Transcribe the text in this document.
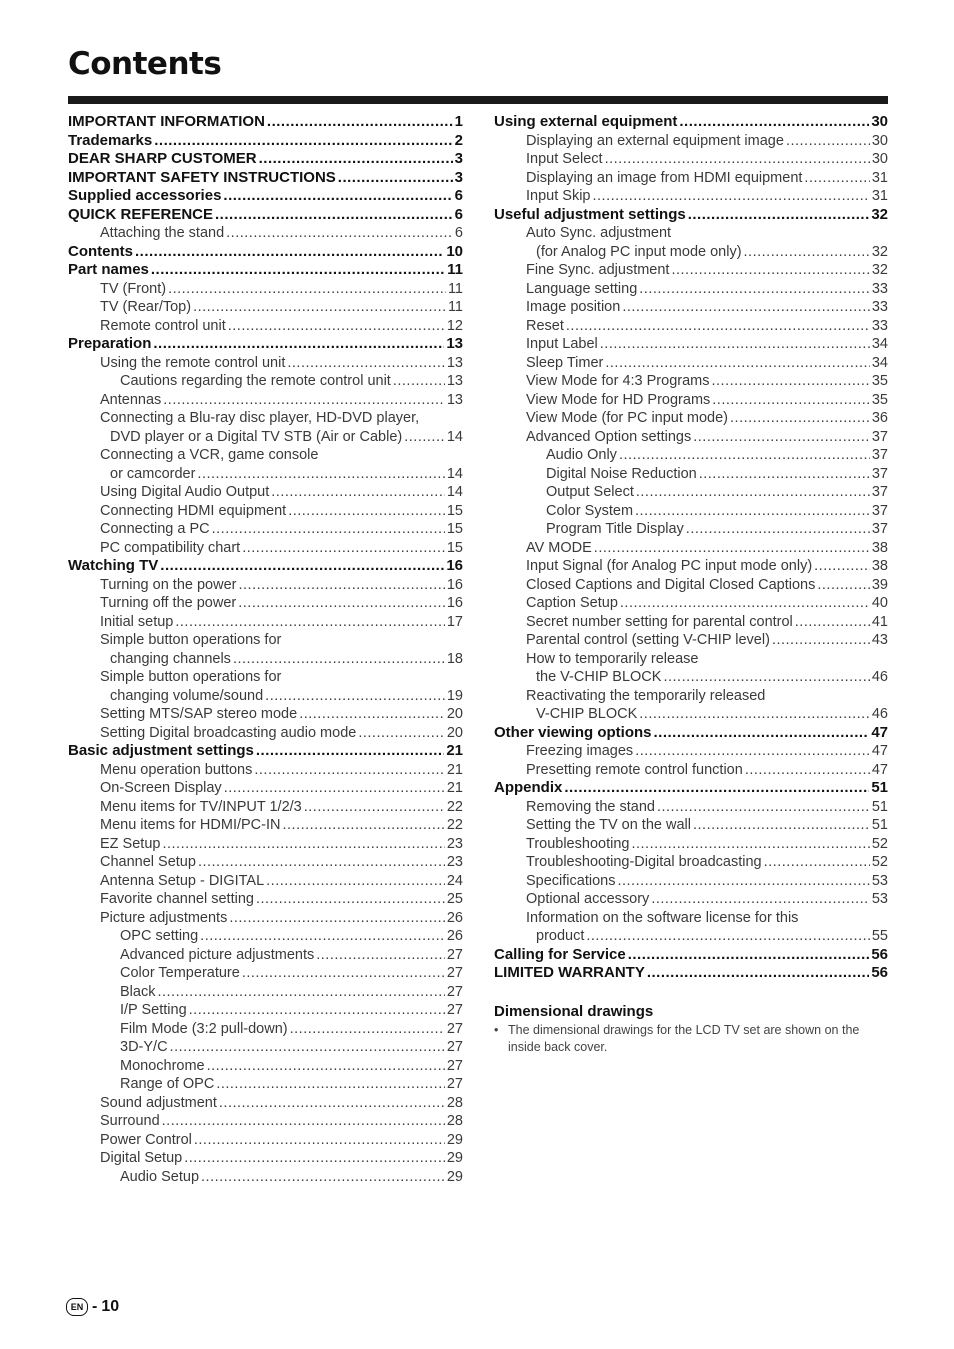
Contents
IMPORTANT INFORMATION .....	1
Trademarks .....	2
DEAR SHARP CUSTOMER .....	3
IMPORTANT SAFETY INSTRUCTIONS .....	3
Supplied accessories .....	6
QUICK REFERENCE .....	6
Attaching the stand .....	6
Contents .....	10
Part names .....	11
TV (Front) .....	11
TV (Rear/Top) .....	11
Remote control unit .....	12
Preparation .....	13
Using the remote control unit .....	13
Cautions regarding the remote control unit .....	13
Antennas .....	13
Connecting a Blu-ray disc player, HD-DVD player,
DVD player or a Digital TV STB (Air or Cable) .....	14
Connecting a VCR, game console
or camcorder .....	14
Using Digital Audio Output .....	14
Connecting HDMI equipment .....	15
Connecting a PC .....	15
PC compatibility chart .....	15
Watching TV .....	16
Turning on the power .....	16
Turning off the power .....	16
Initial setup .....	17
Simple button operations for
changing channels .....	18
Simple button operations for
changing volume/sound .....	19
Setting MTS/SAP stereo mode .....	20
Setting Digital broadcasting audio mode .....	20
Basic adjustment settings .....	21
Menu operation buttons .....	21
On-Screen Display .....	21
Menu items for TV/INPUT 1/2/3 .....	22
Menu items for HDMI/PC-IN .....	22
EZ Setup .....	23
Channel Setup .....	23
Antenna Setup - DIGITAL .....	24
Favorite channel setting .....	25
Picture adjustments .....	26
OPC setting .....	26
Advanced picture adjustments .....	27
Color Temperature .....	27
Black .....	27
I/P Setting .....	27
Film Mode (3:2 pull-down) .....	27
3D-Y/C .....	27
Monochrome .....	27
Range of OPC .....	27
Sound adjustment .....	28
Surround .....	28
Power Control .....	29
Digital Setup .....	29
Audio Setup .....	29
Using external equipment .....	30
Displaying an external equipment image .....	30
Input Select .....	30
Displaying an image from HDMI equipment .....	31
Input Skip .....	31
Useful adjustment settings .....	32
Auto Sync. adjustment
(for Analog PC input mode only) .....	32
Fine Sync. adjustment .....	32
Language setting .....	33
Image position .....	33
Reset .....	33
Input Label .....	34
Sleep Timer .....	34
View Mode for 4:3 Programs .....	35
View Mode for HD Programs .....	35
View Mode (for PC input mode) .....	36
Advanced Option settings .....	37
Audio Only .....	37
Digital Noise Reduction .....	37
Output Select .....	37
Color System .....	37
Program Title Display .....	37
AV MODE .....	38
Input Signal (for Analog PC input mode only) .....	38
Closed Captions and Digital Closed Captions .....	39
Caption Setup .....	40
Secret number setting for parental control .....	41
Parental control (setting V-CHIP level) .....	43
How to temporarily release
the V-CHIP BLOCK .....	46
Reactivating the temporarily released
V-CHIP BLOCK .....	46
Other viewing options .....	47
Freezing images .....	47
Presetting remote control function .....	47
Appendix .....	51
Removing the stand .....	51
Setting the TV on the wall .....	51
Troubleshooting .....	52
Troubleshooting-Digital broadcasting .....	52
Specifications .....	53
Optional accessory .....	53
Information on the software license for this
product .....	55
Calling for Service .....	56
LIMITED WARRANTY .....	56
Dimensional drawings
• The dimensional drawings for the LCD TV set are shown on the inside back cover.
EN - 10
